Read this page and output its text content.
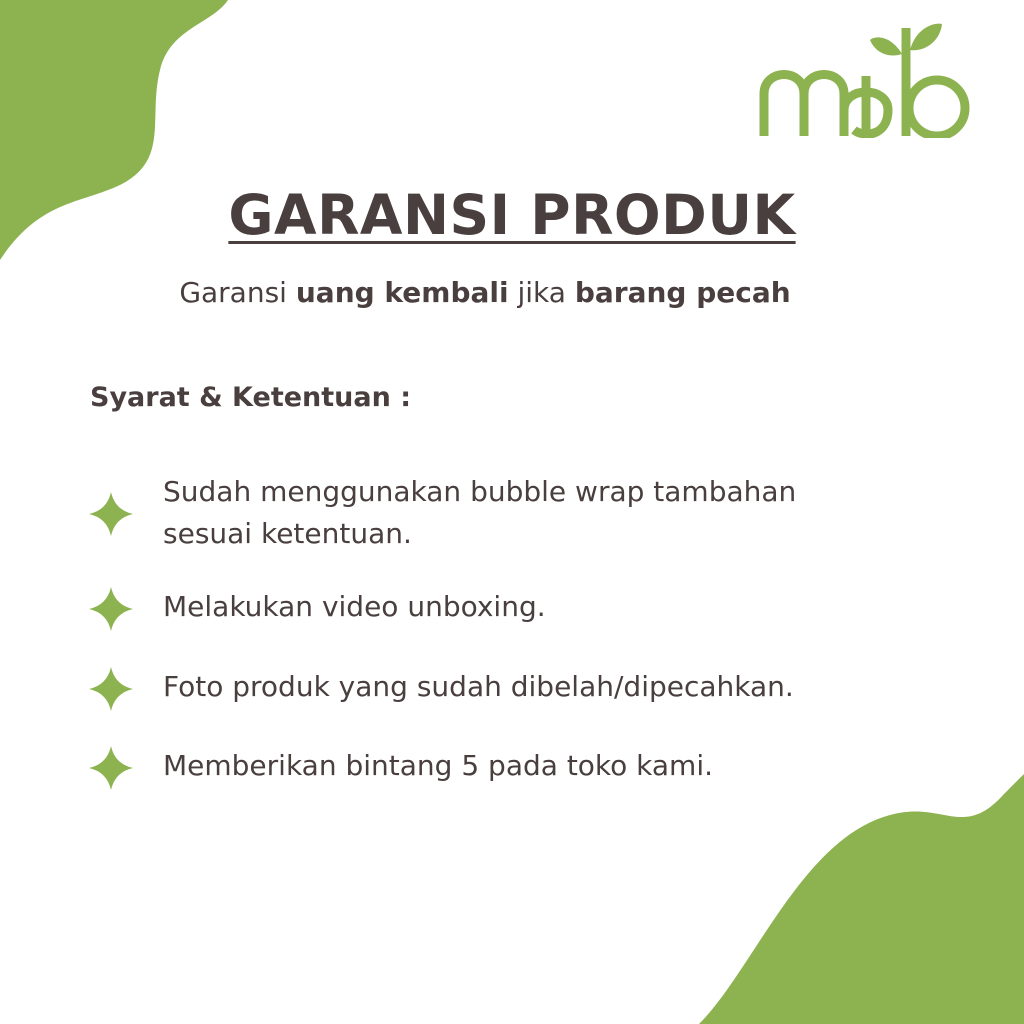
GARANSI PRODUK
Garansi uang kembali jika barang pecah
Syarat & Ketentuan :
Sudah menggunakan bubble wrap tambahan sesuai ketentuan.
Melakukan video unboxing.
Foto produk yang sudah dibelah/dipecahkan.
Memberikan bintang 5 pada toko kami.
